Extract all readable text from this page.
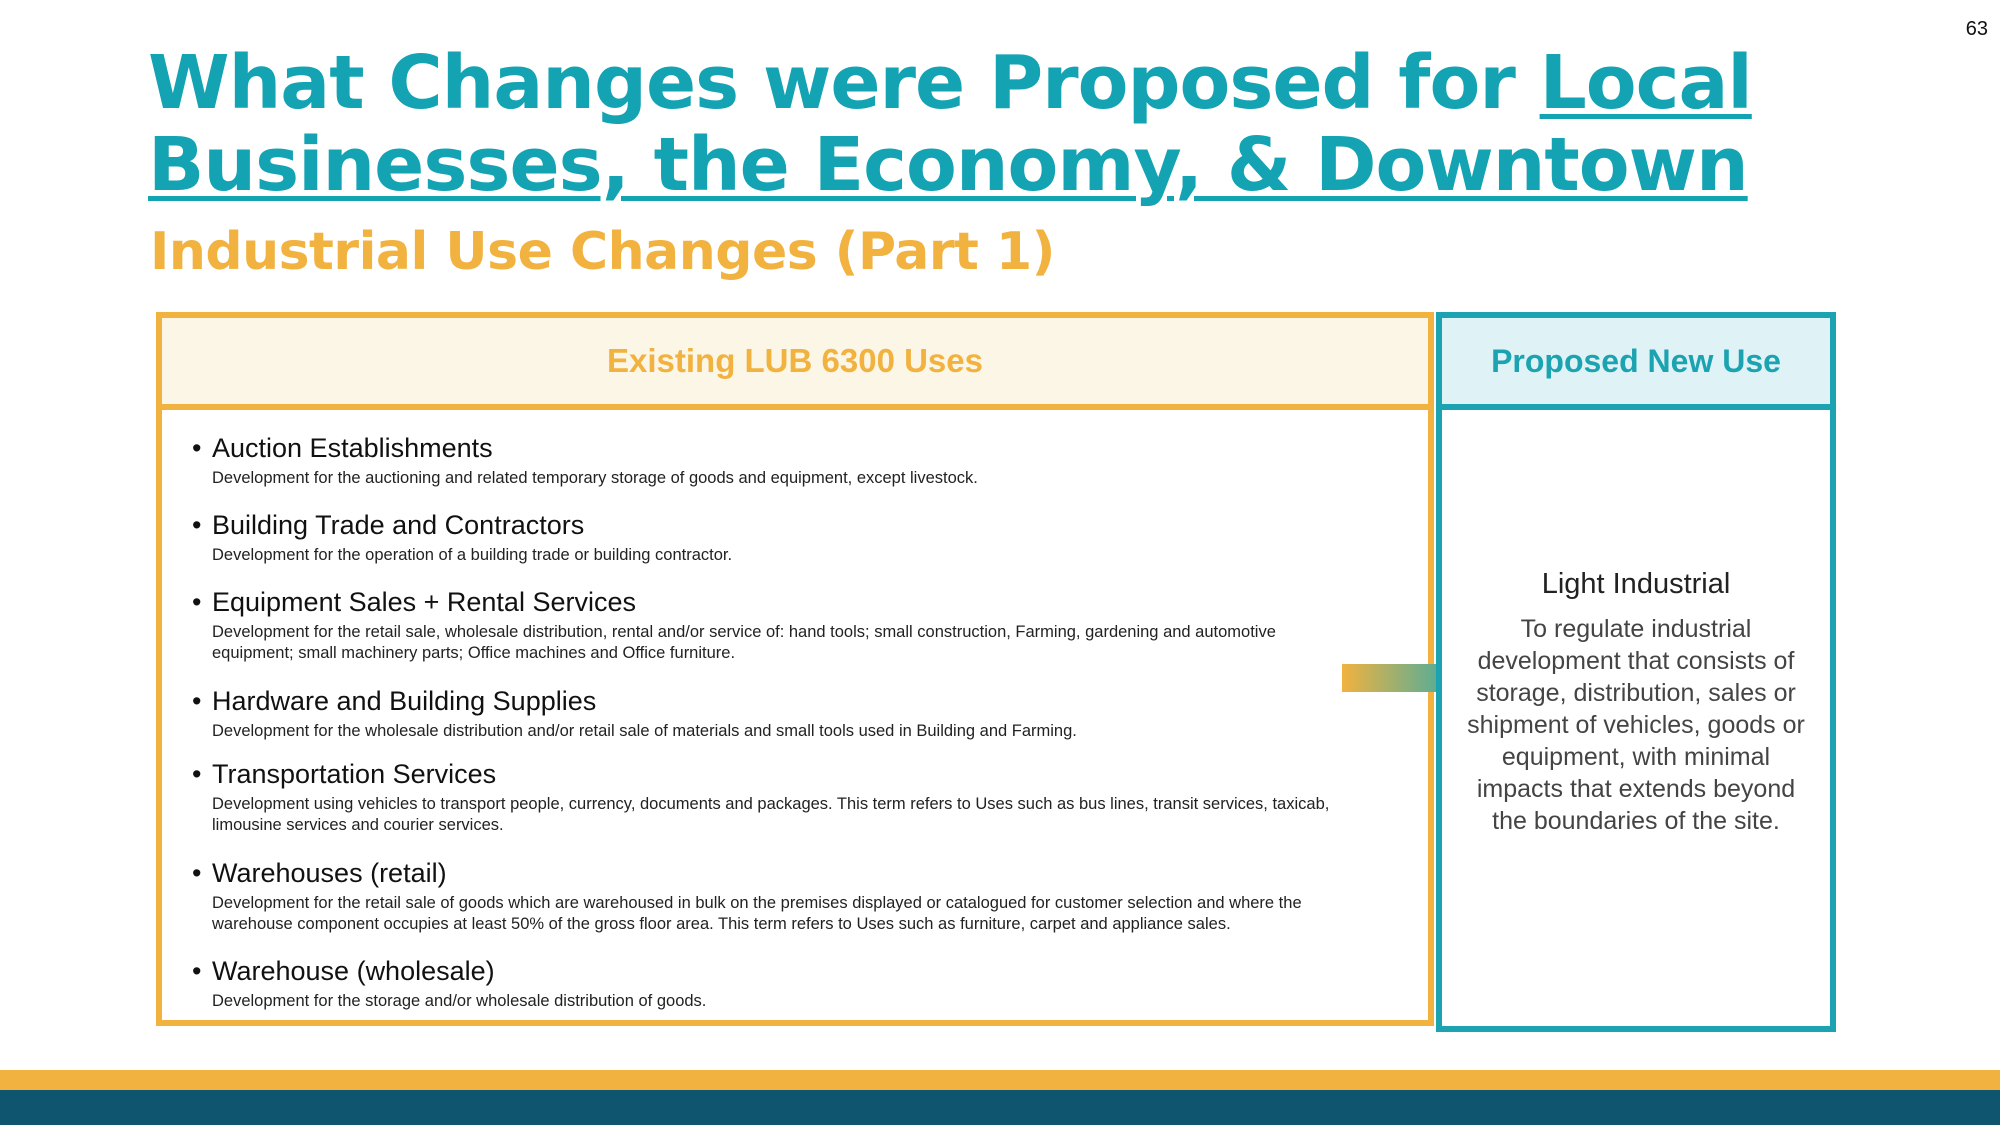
63
What Changes were Proposed for Local Businesses, the Economy, & Downtown
Industrial Use Changes (Part 1)
Existing LUB 6300 Uses

• Auction Establishments

Development for the auctioning and related temporary storage of goods and equipment, except livestock.

• Building Trade and Contractors

Development for the operation of a building trade or building contractor.

• Equipment Sales + Rental Services

Development for the retail sale, wholesale distribution, rental and/or service of: hand tools; small construction, Farming, gardening and automotive equipment; small machinery parts; Office machines and Office furniture.

• Hardware and Building Supplies

Development for the wholesale distribution and/or retail sale of materials and small tools used in Building and Farming.

• Transportation Services

Development using vehicles to transport people, currency, documents and packages. This term refers to Uses such as bus lines, transit services, taxicab, limousine services and courier services.

• Warehouses (retail)

Development for the retail sale of goods which are warehoused in bulk on the premises displayed or catalogued for customer selection and where the warehouse component occupies at least 50% of the gross floor area. This term refers to Uses such as furniture, carpet and appliance sales.

• Warehouse (wholesale)

Development for the storage and/or wholesale distribution of goods.

Proposed New Use

Light Industrial

To regulate industrial development that consists of storage, distribution, sales or shipment of vehicles, goods or equipment, with minimal impacts that extends beyond the boundaries of the site.
